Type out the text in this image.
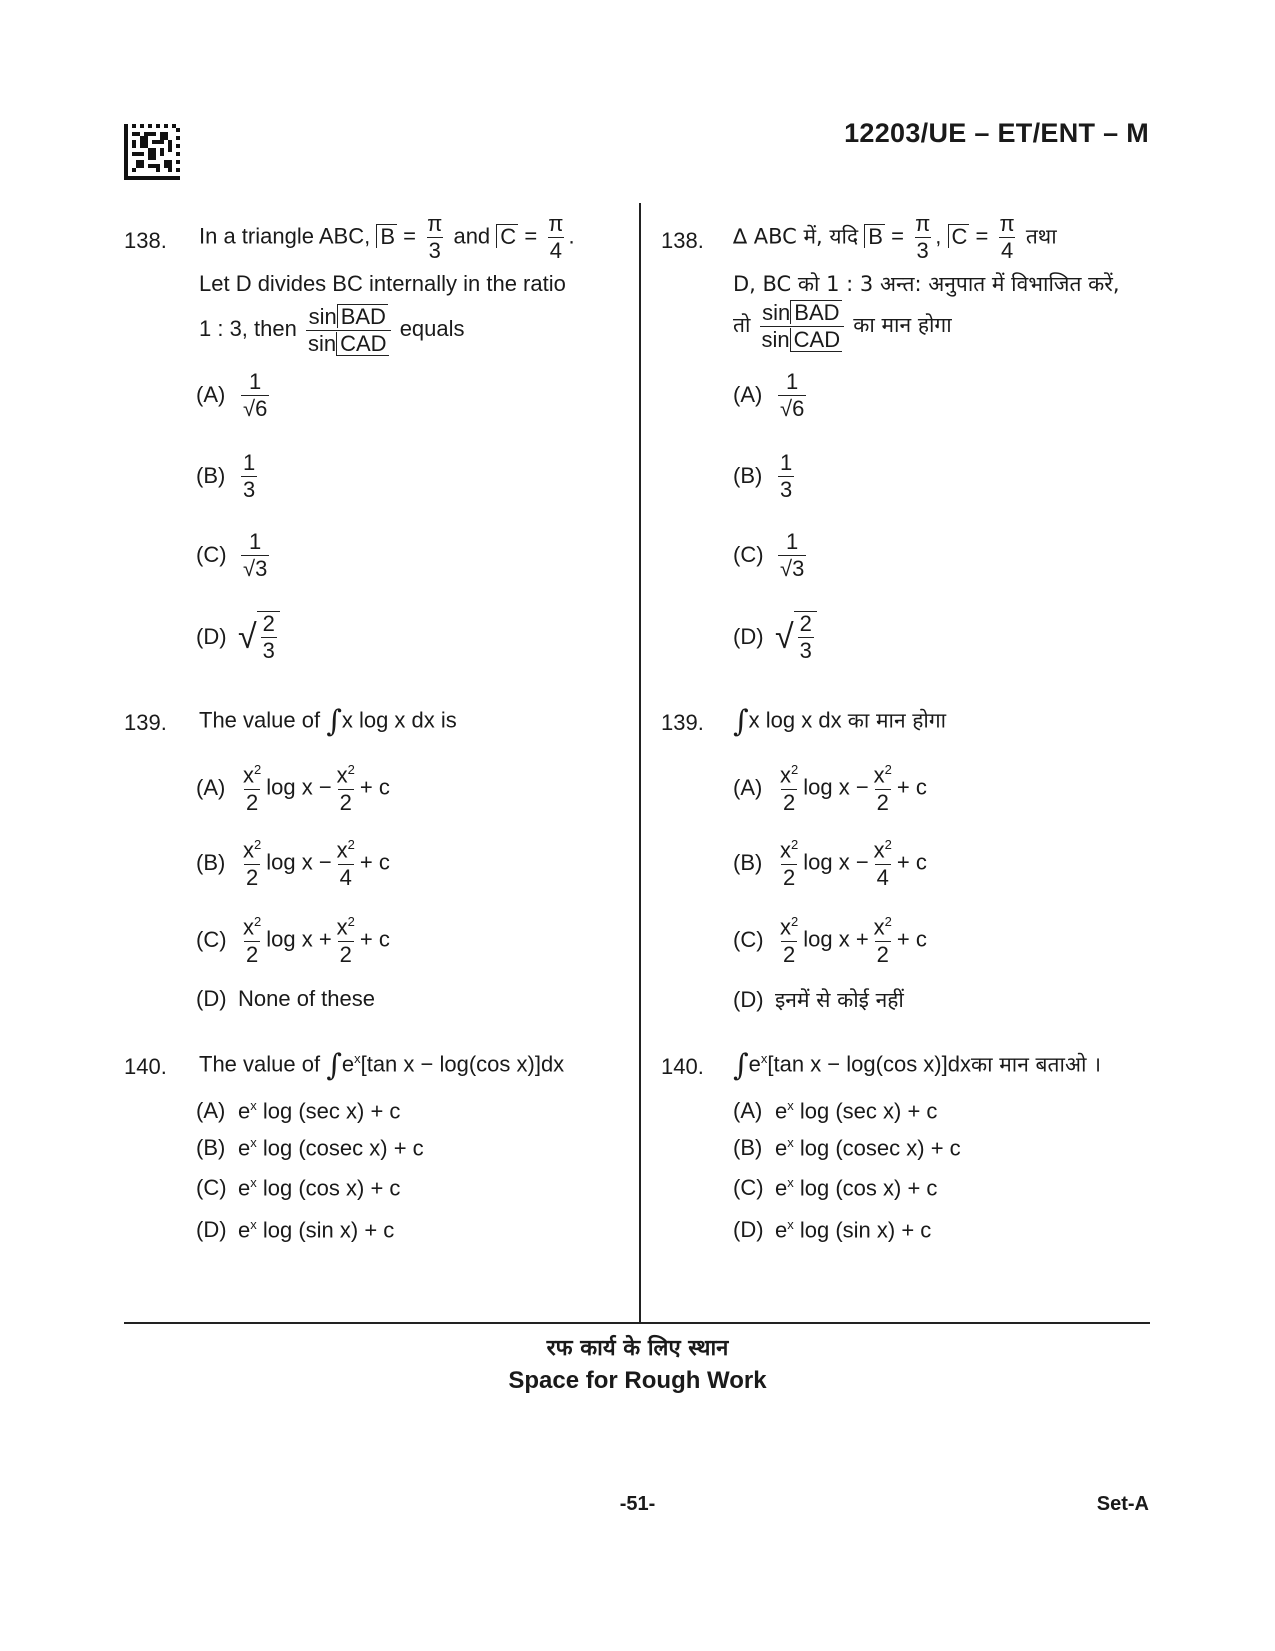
12203/UE – ET/ENT – M
138. In a triangle ABC, $B = \frac{\pi}{3}$ and $C = \frac{\pi}{4}$ .
Let D divides BC internally in the ratio
1 : 3, then $\frac{\text{sin BAD}}{\text{sin CAD}}$ equals
$(A) \frac{1}{√6}$
$(B) \frac{1}{3}$
$(C) \frac{1}{√3}$
(D) √ $\frac{2}{3}$
139. The value of ∫x log x dx is
$(A) \frac{x^2}{2}$ $\log x - \frac{x^2}{2} + c$
$(B) \frac{x^2}{2}$ $\log x - \frac{x^2}{4} + c$
$(C) \frac{x^2}{2}$ $\log x + \frac{x^2}{2} + c$
(D) None of these
140. The value of $\int e^x[\tan$ x − log(cos x)]dx
(A) $e^x$ log (sec x) + c
(B) $e^x$ log (cosec x) + c
(C) $e^x$ log (cos x) + c
(D) $e^x$ log (sin x) + c
138. ∆ ABC में, यदि $B = \frac{\pi}{3}$ , $C = \frac{\pi}{4}$ तथा
D, BC को 1 : 3 अन्त: अनुपात में विभाजित करें,
तो $\frac{\text{sin BAD}}{\text{sin CAD}}$ का मान होगा
$(A) \frac{1}{√6}$
$(B) \frac{1}{3}$
$(C) \frac{1}{√3}$
(D) √ $\frac{2}{3}$
139. ∫x log x dx का मान होगा
$(A) \frac{x^2}{2}$ $\log x - \frac{x^2}{2} + c$
$(B) \frac{x^2}{2}$ $\log x - \frac{x^2}{4} + c$
$(C) \frac{x^2}{2}$ $\log x + \frac{x^2}{2} + c$
(D) इनमें से कोई नहीं
140. $\int e^x[\tan$ x − log(cos x)]dxका मान बताओ ।
(A) $e^x$ log (sec x) + c
(B) $e^x$ log (cosec x) + c
(C) $e^x$ log (cos x) + c
(D) $e^x$ log (sin x) + c
रफ कार्य के लिए स्थान
Space for Rough Work
-51-	Set-A
